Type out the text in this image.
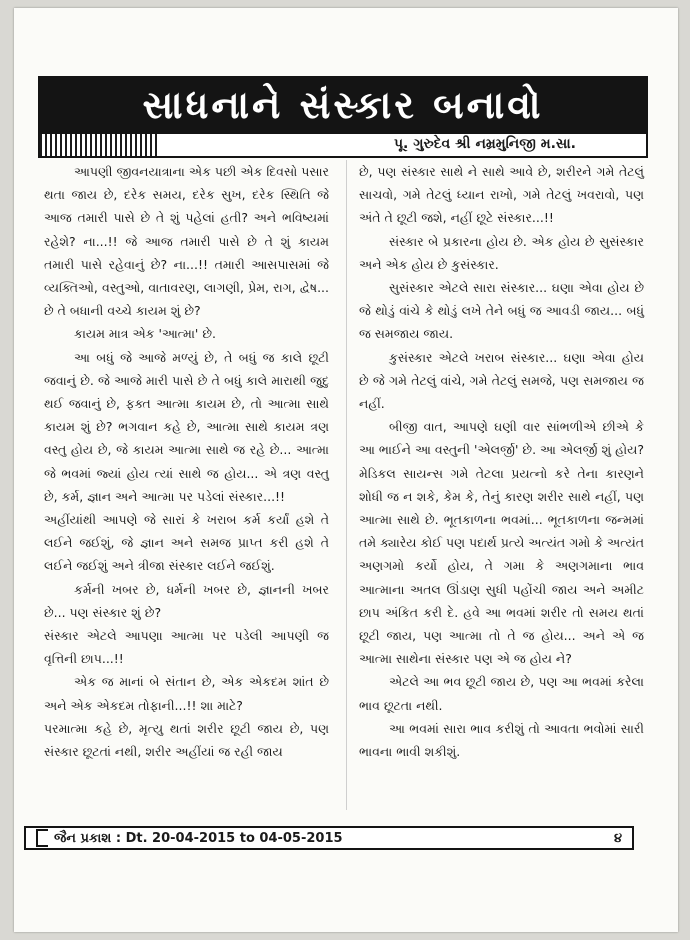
સાધનાને સંસ્કાર બનાવો
પૂ. ગુરુદેવ શ્રી નમ્રમુનિજી મ.સા.

આપણી જીવનયાત્રાના એક પછી એક દિવસો પસાર થતા જાય છે, દરેક સમય, દરેક સુખ, દરેક સ્થિતિ જે આજ તમારી પાસે છે તે શું પહેલાં હતી? અને ભવિષ્યમાં રહેશે? ના...!! જે આજ તમારી પાસે છે તે શું કાયમ તમારી પાસે રહેવાનું છે? ના...!! તમારી આસપાસમાં જે વ્યક્તિઓ, વસ્તુઓ, વાતાવરણ, લાગણી, પ્રેમ, રાગ, દ્વેષ... છે તે બધાની વચ્ચે કાયમ શું છે?

કાયમ માત્ર એક 'આત્મા' છે.

આ બધું જે આજે મળ્યું છે, તે બધું જ કાલે છૂટી જવાનું છે. જે આજે મારી પાસે છે તે બધું કાલે મારાથી જુદુ થઈ જવાનું છે, ફક્ત આત્મા કાયમ છે, તો આત્મા સાથે કાયમ શું છે? ભગવાન કહે છે, આત્મા સાથે કાયમ ત્રણ વસ્તુ હોય છે, જે કાયમ આત્મા સાથે જ રહે છે... આત્મા જે ભવમાં જ્યાં હોય ત્યાં સાથે જ હોય... એ ત્રણ વસ્તુ છે, કર્મ, જ્ઞાન અને આત્મા પર પડેલાં સંસ્કાર...!!

અહીંયાંથી આપણે જે સારાં કે ખરાબ કર્મ કર્યાં હશે તે લઈને જઈશું, જે જ્ઞાન અને સમજ પ્રાપ્ત કરી હશે તે લઈને જઈશું અને ત્રીજા સંસ્કાર લઈને જઈશું.

કર્મની ખબર છે, ધર્મની ખબર છે, જ્ઞાનની ખબર છે... પણ સંસ્કાર શું છે?

સંસ્કાર એટલે આપણા આત્મા પર પડેલી આપણી જ વૃત્તિની છાપ...!!

એક જ માનાં બે સંતાન છે, એક એકદમ શાંત છે અને એક એકદમ તોફાની...!! શા માટે?

પરમાત્મા કહે છે, મૃત્યુ થતાં શરીર છૂટી જાય છે, પણ સંસ્કાર છૂટતાં નથી, શરીર અહીંયાં જ રહી જાય

છે, પણ સંસ્કાર સાથે ને સાથે આવે છે, શરીરને ગમે તેટલું સાચવો, ગમે તેટલું ધ્યાન રાખો, ગમે તેટલું ખવરાવો, પણ અંતે તે છૂટી જશે, નહીં છૂટે સંસ્કાર...!!

સંસ્કાર બે પ્રકારના હોય છે. એક હોય છે સુસંસ્કાર અને એક હોય છે કુસંસ્કાર.

સુસંસ્કાર એટલે સારા સંસ્કાર... ઘણા એવા હોય છે જે થોડું વાંચે કે થોડું લખે તેને બધું જ આવડી જાય... બધું જ સમજાય જાય.

કુસંસ્કાર એટલે ખરાબ સંસ્કાર... ઘણા એવા હોય છે જે ગમે તેટલું વાંચે, ગમે તેટલું સમજે, પણ સમજાય જ નહીં.

બીજી વાત, આપણે ઘણી વાર સાંભળીએ છીએ કે આ ભાઈને આ વસ્તુની 'એલર્જી' છે. આ એલર્જી શું હોય? મેડિકલ સાયન્સ ગમે તેટલા પ્રયત્નો કરે તેના કારણને શોધી જ ન શકે, કેમ કે, તેનું કારણ શરીર સાથે નહીં, પણ આત્મા સાથે છે. ભૂતકાળના ભવમાં... ભૂતકાળના જન્મમાં તમે ક્યારેય કોઈ પણ પદાર્થ પ્રત્યે અત્યંત ગમો કે અત્યંત અણગમો કર્યો હોય, તે ગમા કે અણગમાના ભાવ આત્માના અતલ ઊંડાણ સુધી પહોંચી જાય અને અમીટ છાપ અંકિત કરી દે. હવે આ ભવમાં શરીર તો સમય થતાં છૂટી જાય, પણ આત્મા તો તે જ હોય... અને એ જ આત્મા સાથેના સંસ્કાર પણ એ જ હોય ને?

એટલે આ ભવ છૂટી જાય છે, પણ આ ભવમાં કરેલા ભાવ છૂટતા નથી.

આ ભવમાં સારા ભાવ કરીશું તો આવતા ભવોમાં સારી ભાવના ભાવી શકીશું.

જૈન પ્રકાશ : Dt. 20-04-2015 to 04-05-2015	૪
